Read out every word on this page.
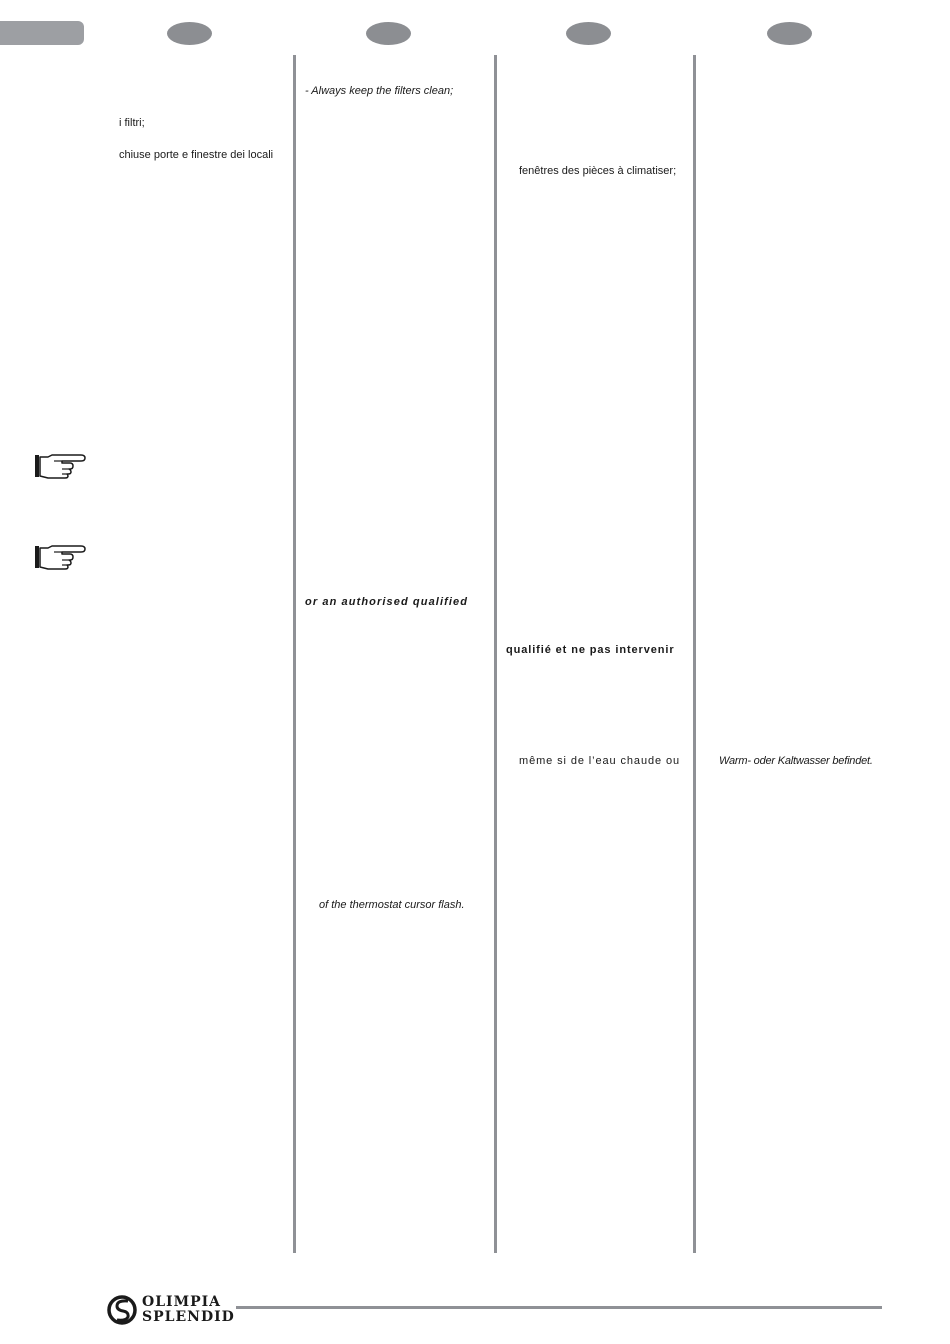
i filtri;

chiuse porte e finestre dei locali

- Always keep the filters clean;

or an authorised qualified

of the thermostat cursor flash.

fenêtres des pièces à climatiser;

qualifié et ne pas intervenir

même si de l’eau chaude ou	Warm- oder Kaltwasser befindet.

OLIMPIA
SPLENDID
